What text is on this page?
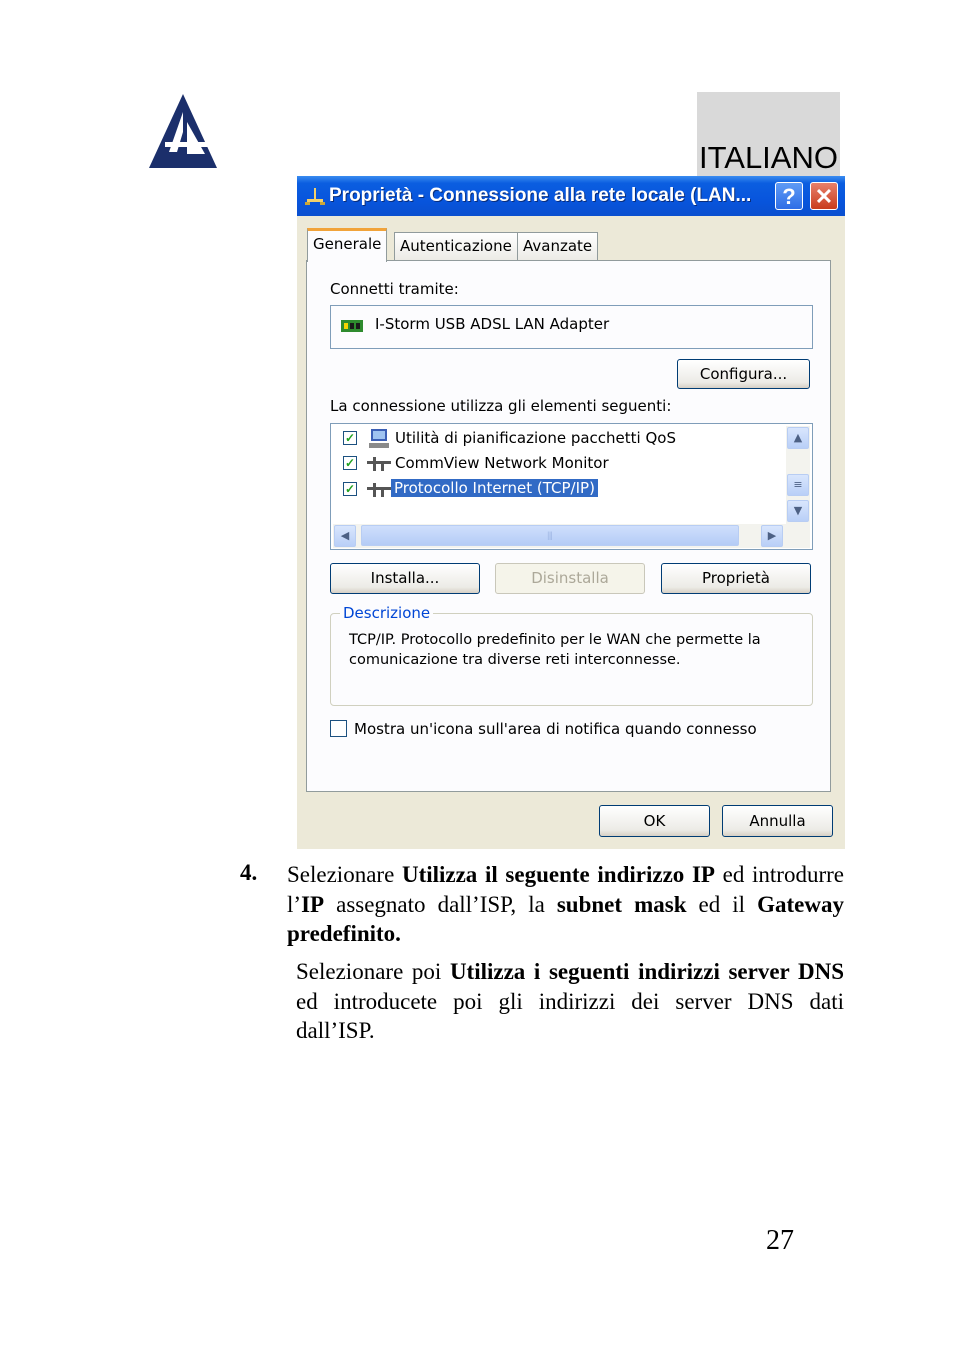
ITALIANO
Proprietà - Connessione alla rete locale (LAN...	? ✕
Generale	Autenticazione Avanzate
Connetti tramite:
I-Storm USB ADSL LAN Adapter
Configura...
La connessione utilizza gli elementi seguenti:
✓	Utilità di pianificazione pacchetti QoS
✓	CommView Network Monitor
✓	Protocollo Internet (TCP/IP)
▲
≡
▼
◀	|||	▶
Installa...	Disinstalla	Proprietà
Descrizione
TCP/IP. Protocollo predefinito per le WAN che permette la comunicazione tra diverse reti interconnesse.
Mostra un'icona sull'area di notifica quando connesso
OK	Annulla
4. Selezionare Utilizza il seguente indirizzo IP ed introdurre l’IP assegnato dall’ISP, la subnet mask ed il Gateway predefinito.
Selezionare poi Utilizza i seguenti indirizzi server DNS ed introducete poi gli indirizzi dei server DNS dati dall’ISP.
27
